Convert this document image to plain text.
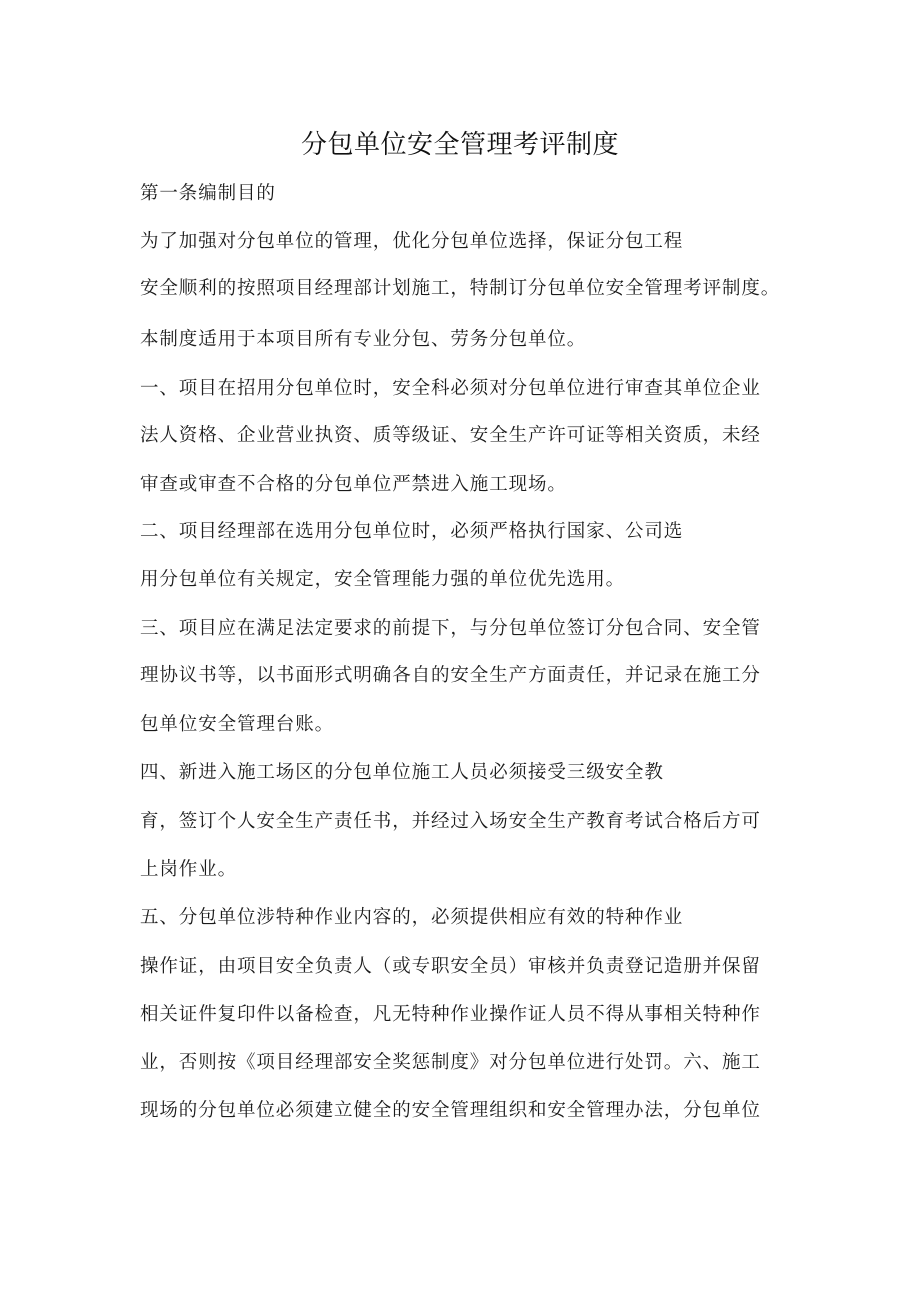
分包单位安全管理考评制度
第一条编制目的
为了加强对分包单位的管理，优化分包单位选择，保证分包工程
安全顺利的按照项目经理部计划施工，特制订分包单位安全管理考评制度。
本制度适用于本项目所有专业分包、劳务分包单位。
一、项目在招用分包单位时，安全科必须对分包单位进行审查其单位企业
法人资格、企业营业执资、质等级证、安全生产许可证等相关资质，未经
审查或审查不合格的分包单位严禁进入施工现场。
二、项目经理部在选用分包单位时，必须严格执行国家、公司选
用分包单位有关规定，安全管理能力强的单位优先选用。
三、项目应在满足法定要求的前提下，与分包单位签订分包合同、安全管
理协议书等，以书面形式明确各自的安全生产方面责任，并记录在施工分
包单位安全管理台账。
四、新进入施工场区的分包单位施工人员必须接受三级安全教
育，签订个人安全生产责任书，并经过入场安全生产教育考试合格后方可
上岗作业。
五、分包单位涉特种作业内容的，必须提供相应有效的特种作业
操作证，由项目安全负责人（或专职安全员）审核并负责登记造册并保留
相关证件复印件以备检查，凡无特种作业操作证人员不得从事相关特种作
业，否则按《项目经理部安全奖惩制度》对分包单位进行处罚。六、施工
现场的分包单位必须建立健全的安全管理组织和安全管理办法，分包单位
